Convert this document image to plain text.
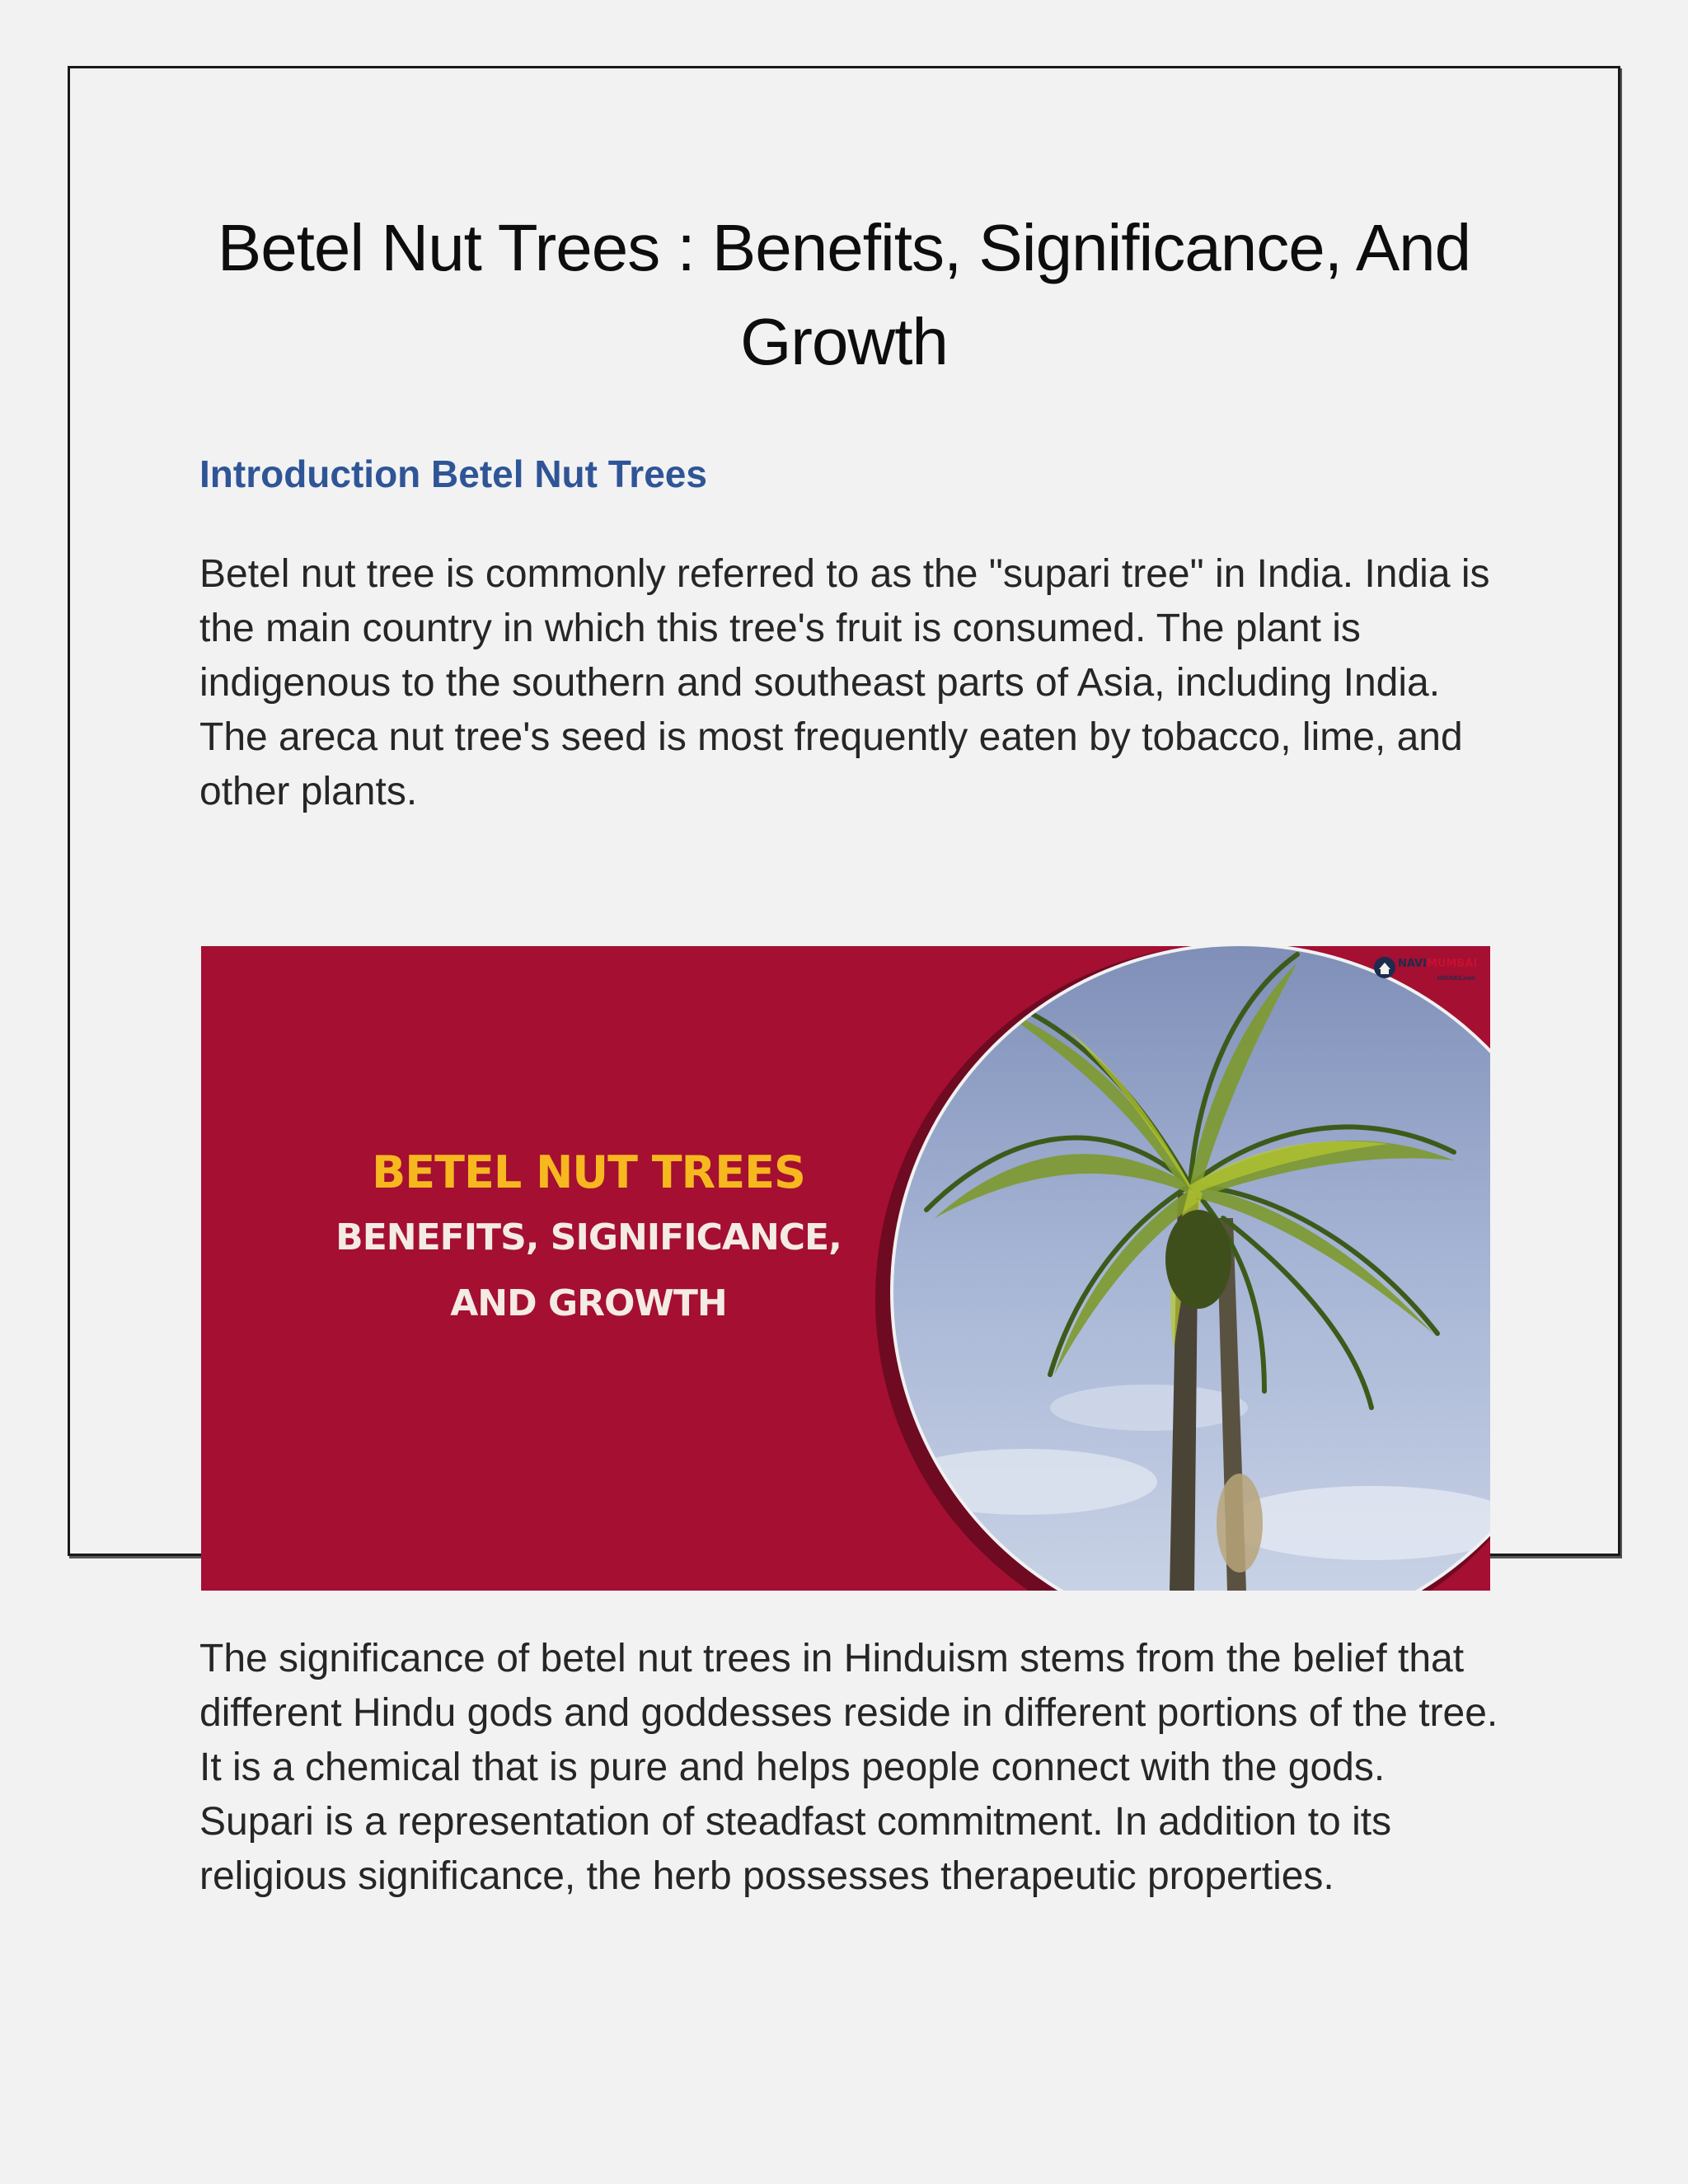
Betel Nut Trees : Benefits, Significance, And Growth
Introduction Betel Nut Trees

Betel nut tree is commonly referred to as the "supari tree" in India. India is the main country in which this tree's fruit is consumed. The plant is indigenous to the southern and southeast parts of Asia, including India. The areca nut tree's seed is most frequently eaten by tobacco, lime, and other plants.

BETEL NUT TREES
BENEFITS, SIGNIFICANCE,
AND GROWTH
NAVIMUMBAI
HOUSES.com

The significance of betel nut trees in Hinduism stems from the belief that different Hindu gods and goddesses reside in different portions of the tree. It is a chemical that is pure and helps people connect with the gods. Supari is a representation of steadfast commitment. In addition to its religious significance, the herb possesses therapeutic properties.
